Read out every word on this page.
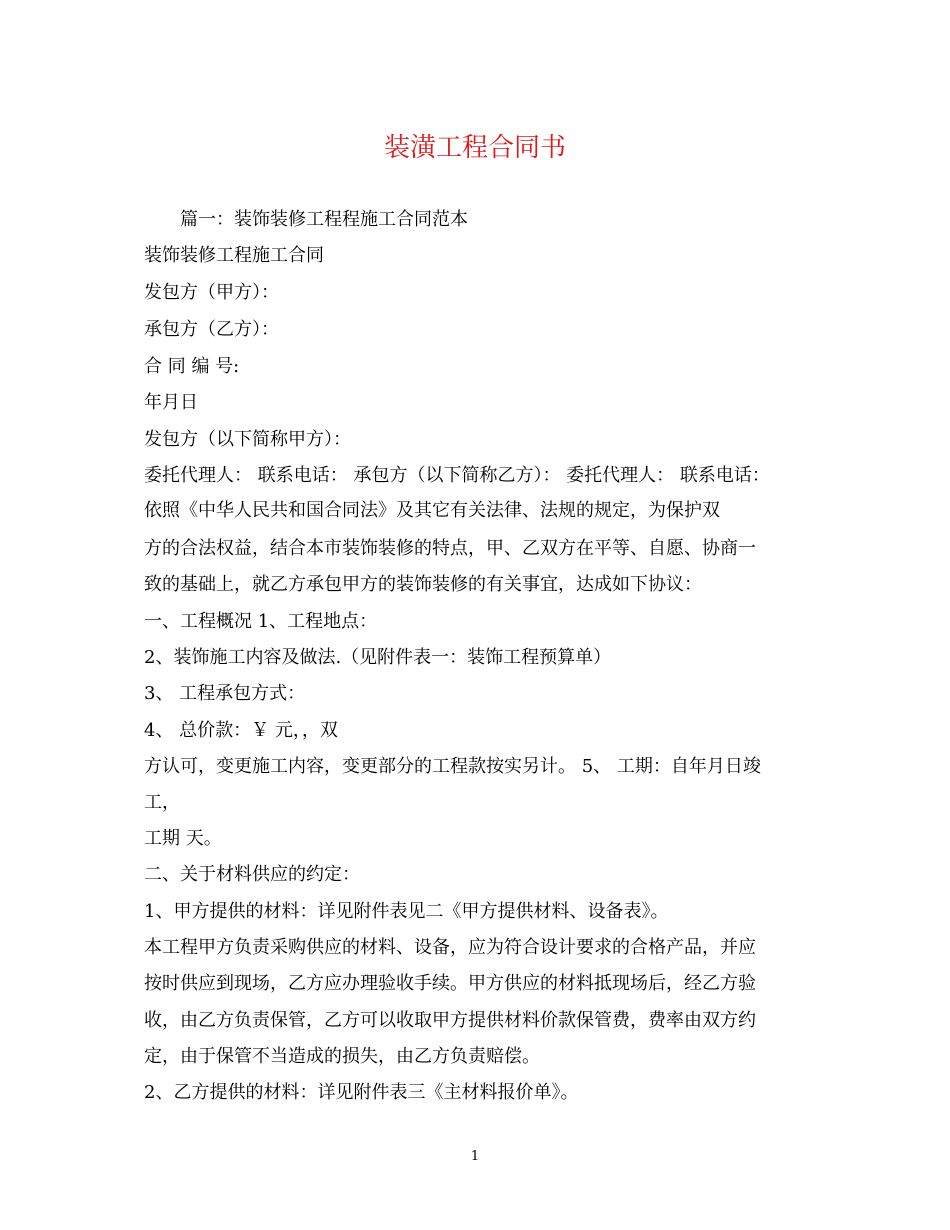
装潢工程合同书
篇一：装饰装修工程程施工合同范本
装饰装修工程施工合同
发包方（甲方）：
承包方（乙方）：
合 同 编 号:
年月日
发包方（以下简称甲方）：
委托代理人： 联系电话： 承包方（以下简称乙方）： 委托代理人： 联系电话：
依照《中华人民共和国合同法》及其它有关法律、法规的规定，为保护双
方的合法权益，结合本市装饰装修的特点，甲、乙双方在平等、自愿、协商一
致的基础上，就乙方承包甲方的装饰装修的有关事宜，达成如下协议：
一、工程概况 1、工程地点：
2、装饰施工内容及做法.（见附件表一：装饰工程预算单）
3、 工程承包方式：
4、 总价款：￥ 元，，双
方认可，变更施工内容，变更部分的工程款按实另计。 5、 工期：自年月日竣
工，
工期 天。
二、关于材料供应的约定：
1、甲方提供的材料：详见附件表见二《甲方提供材料、设备表》。
本工程甲方负责采购供应的材料、设备，应为符合设计要求的合格产品，并应
按时供应到现场，乙方应办理验收手续。甲方供应的材料抵现场后，经乙方验
收，由乙方负责保管，乙方可以收取甲方提供材料价款保管费，费率由双方约
定，由于保管不当造成的损失，由乙方负责赔偿。
2、乙方提供的材料：详见附件表三《主材料报价单》。
1
